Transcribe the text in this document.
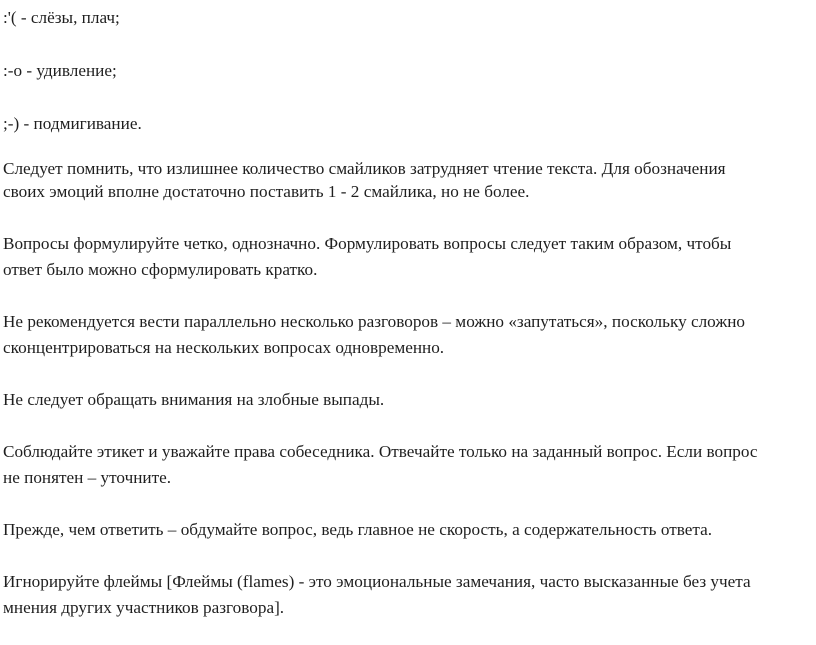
:'( - слёзы, плач;
:-o - удивление;
;-) - подмигивание.
Следует помнить, что излишнее количество смайликов затрудняет чтение текста. Для обозначения
своих эмоций вполне достаточно поставить 1 - 2 смайлика, но не более.
Вопросы формулируйте четко, однозначно. Формулировать вопросы следует таким образом, чтобы
ответ было можно сформулировать кратко.
Не рекомендуется вести параллельно несколько разговоров – можно «запутаться», поскольку сложно
сконцентрироваться на нескольких вопросах одновременно.
Не следует обращать внимания на злобные выпады.
Соблюдайте этикет и уважайте права собеседника. Отвечайте только на заданный вопрос. Если вопрос
не понятен – уточните.
Прежде, чем ответить – обдумайте вопрос, ведь главное не скорость, а содержательность ответа.
Игнорируйте флеймы [Флеймы (flames) - это эмоциональные замечания, часто высказанные без учета
мнения других участников разговора].
